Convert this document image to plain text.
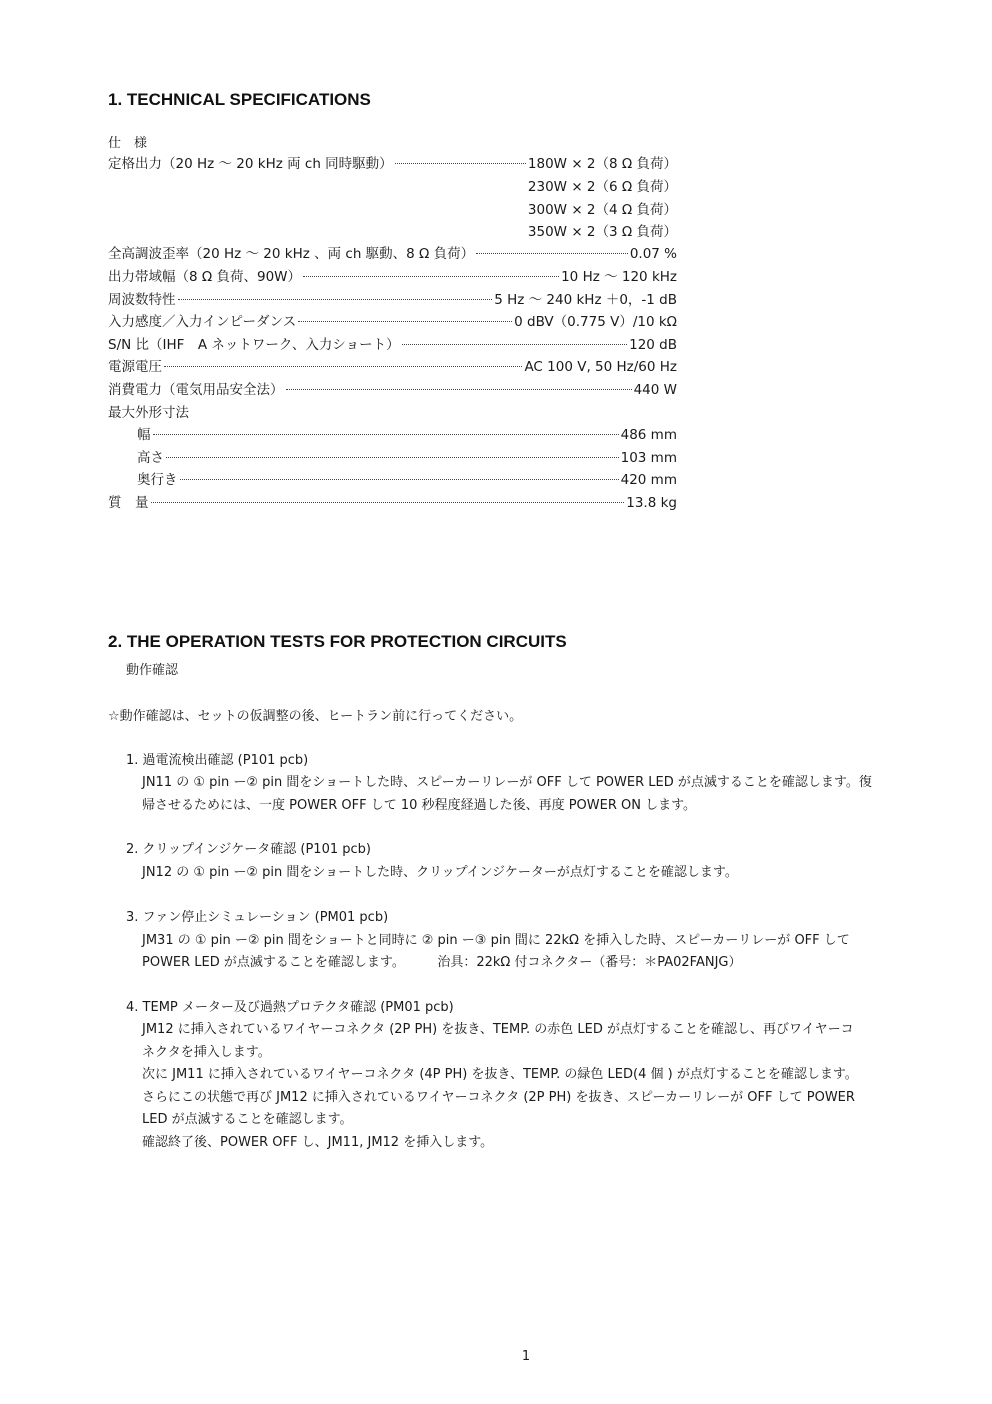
1. TECHNICAL SPECIFICATIONS
仕　様
定格出力（20 Hz 〜 20 kHz 両 ch 同時駆動）	180W × 2（8 Ω 負荷）
230W × 2（6 Ω 負荷）
300W × 2（4 Ω 負荷）
350W × 2（3 Ω 負荷）
全高調波歪率（20 Hz 〜 20 kHz 、両 ch 駆動、8 Ω 負荷）	0.07 %
出力帯域幅（8 Ω 負荷、90W）	10 Hz 〜 120 kHz
周波数特性	5 Hz 〜 240 kHz ＋0，-1 dB
入力感度／入力インピーダンス	0 dBV（0.775 V）/10 kΩ
S/N 比（IHF　A ネットワーク、入力ショート）	120 dB
電源電圧	AC 100 V, 50 Hz/60 Hz
消費電力（電気用品安全法）	440 W
最大外形寸法
幅	486 mm
高さ	103 mm
奥行き	420 mm
質　量	13.8 kg
2. THE OPERATION TESTS FOR PROTECTION CIRCUITS
動作確認
☆動作確認は、セットの仮調整の後、ヒートラン前に行ってください。
1. 過電流検出確認 (P101 pcb)
JN11 の ① pin ー② pin 間をショートした時、スピーカーリレーが OFF して POWER LED が点滅することを確認します。復
帰させるためには、一度 POWER OFF して 10 秒程度経過した後、再度 POWER ON します。
2. クリップインジケータ確認 (P101 pcb)
JN12 の ① pin ー② pin 間をショートした時、クリップインジケーターが点灯することを確認します。
3. ファン停止シミュレーション (PM01 pcb)
JM31 の ① pin ー② pin 間をショートと同時に ② pin ー③ pin 間に 22kΩ を挿入した時、スピーカーリレーが OFF して
POWER LED が点滅することを確認します。　　　治具：22kΩ 付コネクター（番号：＊PA02FANJG）
4. TEMP メーター及び過熱プロテクタ確認 (PM01 pcb)
JM12 に挿入されているワイヤーコネクタ (2P PH) を抜き、TEMP. の赤色 LED が点灯することを確認し、再びワイヤーコ
ネクタを挿入します。
次に JM11 に挿入されているワイヤーコネクタ (4P PH) を抜き、TEMP. の緑色 LED(4 個 ) が点灯することを確認します。
さらにこの状態で再び JM12 に挿入されているワイヤーコネクタ (2P PH) を抜き、スピーカーリレーが OFF して POWER
LED が点滅することを確認します。
確認終了後、POWER OFF し、JM11, JM12 を挿入します。
1
